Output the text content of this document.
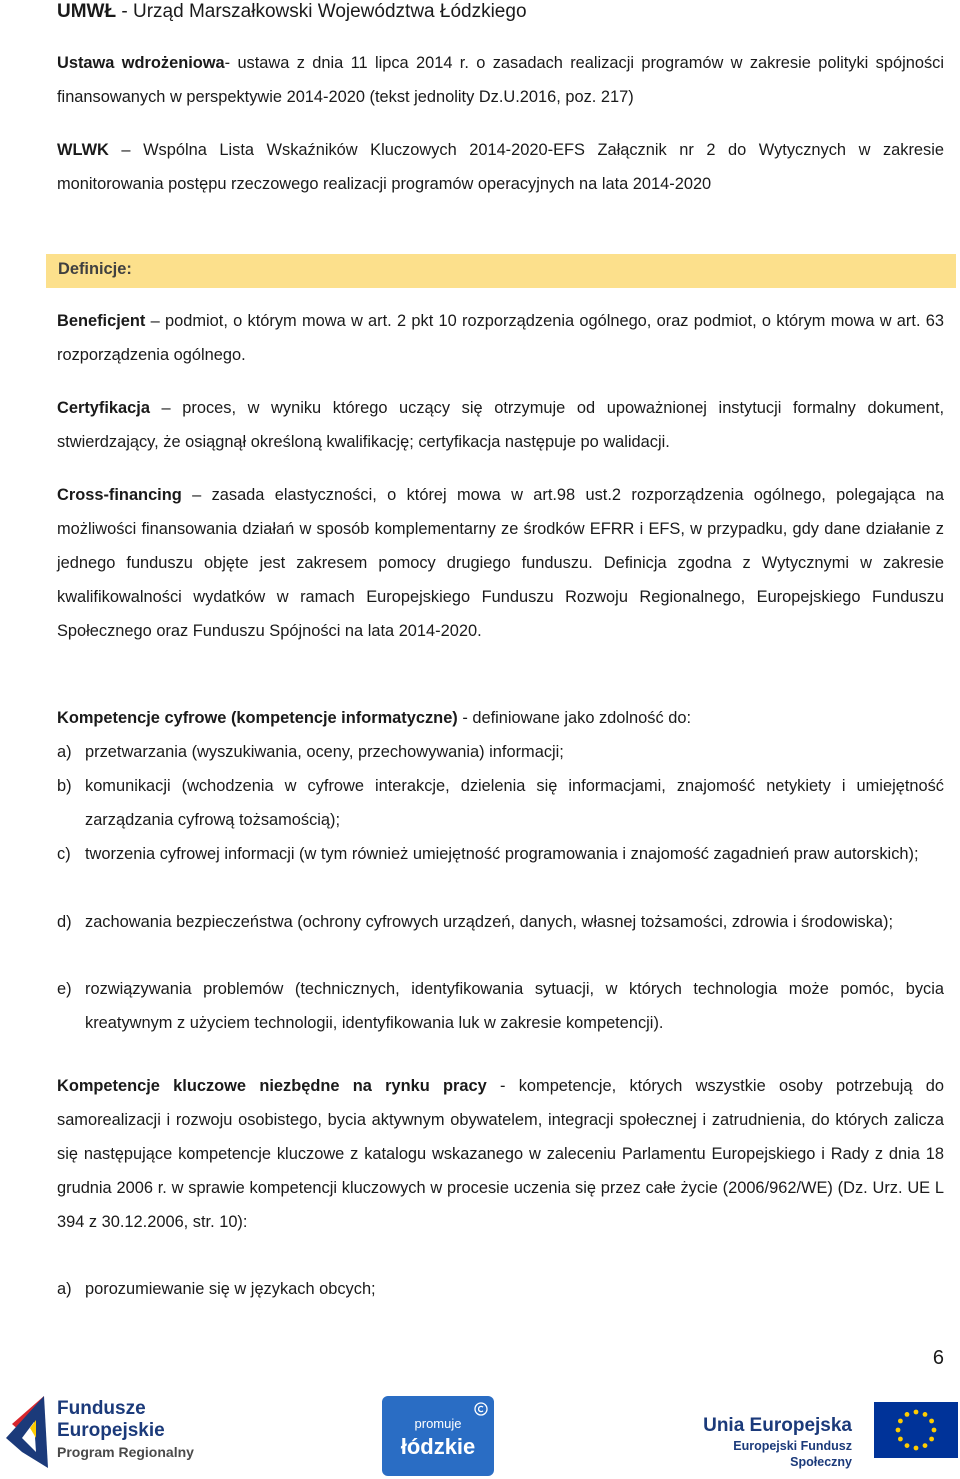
UMWŁ - Urząd Marszałkowski Województwa Łódzkiego

Ustawa wdrożeniowa- ustawa z dnia 11 lipca 2014 r. o zasadach realizacji programów w zakresie polityki spójności finansowanych w perspektywie 2014-2020 (tekst jednolity Dz.U.2016, poz. 217)

WLWK – Wspólna Lista Wskaźników Kluczowych 2014-2020-EFS Załącznik nr 2 do Wytycznych w zakresie monitorowania postępu rzeczowego realizacji programów operacyjnych na lata 2014-2020

Definicje:

Beneficjent – podmiot, o którym mowa w art. 2 pkt 10 rozporządzenia ogólnego, oraz podmiot, o którym mowa w art. 63 rozporządzenia ogólnego.

Certyfikacja – proces, w wyniku którego uczący się otrzymuje od upoważnionej instytucji formalny dokument, stwierdzający, że osiągnął określoną kwalifikację; certyfikacja następuje po walidacji.

Cross-financing – zasada elastyczności, o której mowa w art.98 ust.2 rozporządzenia ogólnego, polegająca na możliwości finansowania działań w sposób komplementarny ze środków EFRR i EFS, w przypadku, gdy dane działanie z jednego funduszu objęte jest zakresem pomocy drugiego funduszu. Definicja zgodna z Wytycznymi w zakresie kwalifikowalności wydatków w ramach Europejskiego Funduszu Rozwoju Regionalnego, Europejskiego Funduszu Społecznego oraz Funduszu Spójności na lata 2014-2020.

Kompetencje cyfrowe (kompetencje informatyczne) - definiowane jako zdolność do:

a) przetwarzania (wyszukiwania, oceny, przechowywania) informacji;
b) komunikacji (wchodzenia w cyfrowe interakcje, dzielenia się informacjami, znajomość netykiety i umiejętność zarządzania cyfrową tożsamością);
c) tworzenia cyfrowej informacji (w tym również umiejętność programowania i znajomość zagadnień praw autorskich);
d) zachowania bezpieczeństwa (ochrony cyfrowych urządzeń, danych, własnej tożsamości, zdrowia i środowiska);
e) rozwiązywania problemów (technicznych, identyfikowania sytuacji, w których technologia może pomóc, bycia kreatywnym z użyciem technologii, identyfikowania luk w zakresie kompetencji).

Kompetencje kluczowe niezbędne na rynku pracy - kompetencje, których wszystkie osoby potrzebują do samorealizacji i rozwoju osobistego, bycia aktywnym obywatelem, integracji społecznej i zatrudnienia, do których zalicza się następujące kompetencje kluczowe z katalogu wskazanego w zaleceniu Parlamentu Europejskiego i Rady z dnia 18 grudnia 2006 r. w sprawie kompetencji kluczowych w procesie uczenia się przez całe życie (2006/962/WE) (Dz. Urz. UE L 394 z 30.12.2006, str. 10):

a) porozumiewanie się w językach obcych;
6
Fundusze
Europejskie
Program Regionalny
promuje
łódzkie
Unia Europejska
Europejski Fundusz Społeczny
